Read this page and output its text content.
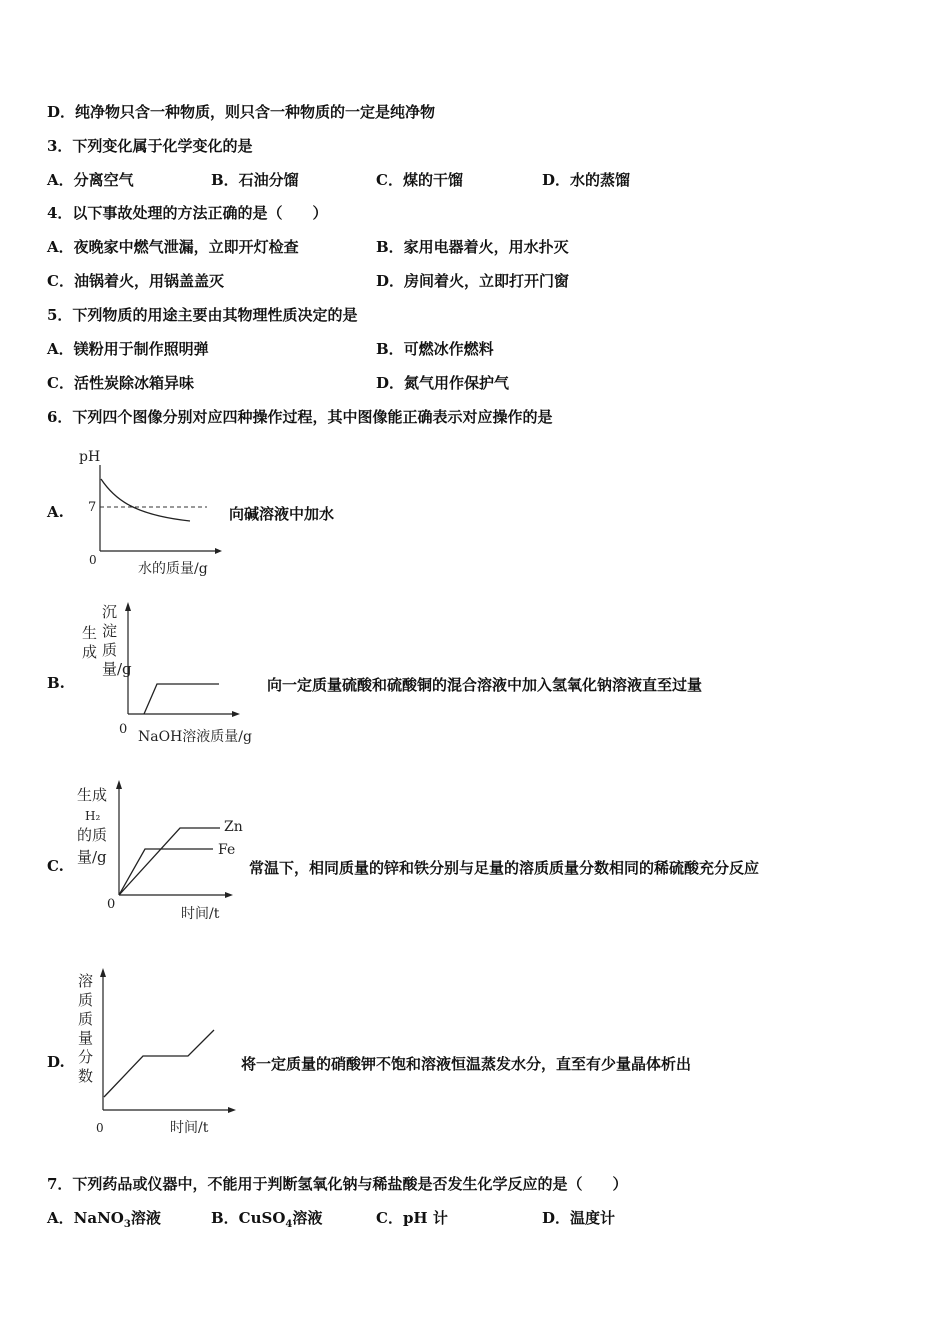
D．纯净物只含一种物质，则只含一种物质的一定是纯净物
3．下列变化属于化学变化的是
A．分离空气	B．石油分馏	C．煤的干馏	D．水的蒸馏
4．以下事故处理的方法正确的是（　　）
A．夜晚家中燃气泄漏，立即开灯检查	B．家用电器着火，用水扑灭
C．油锅着火，用锅盖盖灭	D．房间着火，立即打开门窗
5．下列物质的用途主要由其物理性质决定的是
A．镁粉用于制作照明弹	B．可燃冰作燃料
C．活性炭除冰箱异味	D．氮气用作保护气
6．下列四个图像分别对应四种操作过程，其中图像能正确表示对应操作的是
A.
pH
7
0
水的质量/g
向碱溶液中加水
B.
生成
沉淀质量/g
0 NaOH溶液质量/g
向一定质量硫酸和硫酸铜的混合溶液中加入氢氧化钠溶液直至过量
C.
生成
H₂
的质
量/g
0
时间/t
Zn
Fe
常温下，相同质量的锌和铁分别与足量的溶质质量分数相同的稀硫酸充分反应
D.
溶质质量分数
0	时间/t
将一定质量的硝酸钾不饱和溶液恒温蒸发水分，直至有少量晶体析出
7．下列药品或仪器中，不能用于判断氢氧化钠与稀盐酸是否发生化学反应的是（　　）
A．NaNO$_3$溶液	B．CuSO$_4$溶液	C．pH 计	D．温度计
